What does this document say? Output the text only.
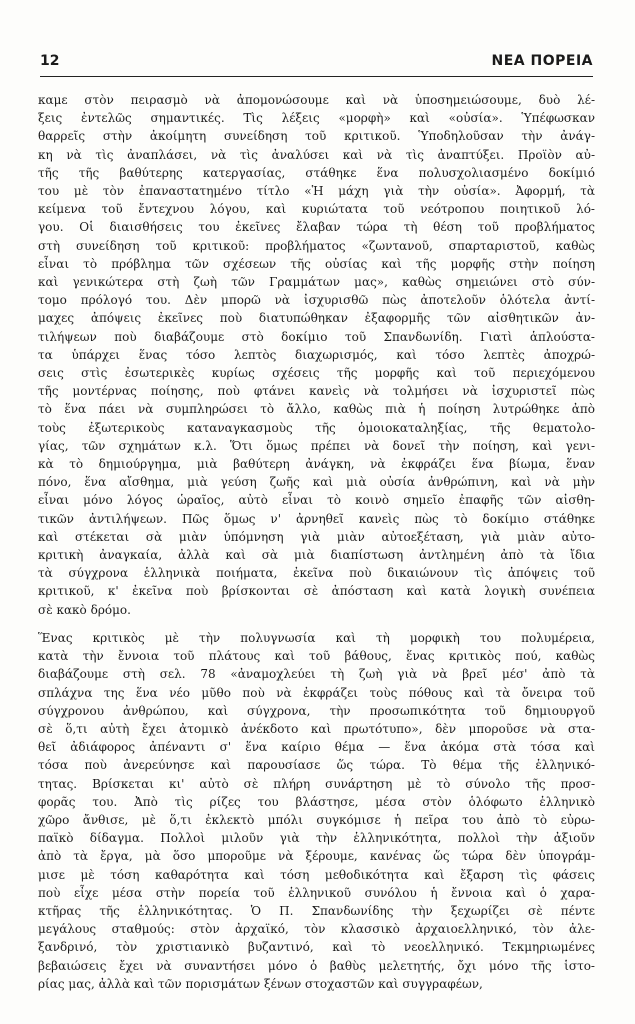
12	ΝΕΑ ΠΟΡΕΙΑ

καμε στὸν πειρασμὸ νὰ ἀπομονώσουμε καὶ νὰ ὑποσημειώσουμε, δυὸ λέ-
ξεις ἐντελῶς σημαντικές. Τὶς λέξεις «μορφὴ» καὶ «οὐσία». Ὑπέφωσκαν
θαρρεῖς στὴν ἀκοίμητη συνείδηση τοῦ κριτικοῦ. Ὑποδηλοῦσαν τὴν ἀνάγ-
κη νὰ τὶς ἀναπλάσει, νὰ τὶς ἀναλύσει καὶ νὰ τὶς ἀναπτύξει. Προϊὸν αὐ-
τῆς τῆς βαθύτερης κατεργασίας, στάθηκε ἕνα πολυσχολιασμένο δοκίμιό
του μὲ τὸν ἐπαναστατημένο τίτλο «Ἡ μάχη γιὰ τὴν οὐσία». Ἀφορμή, τὰ
κείμενα τοῦ ἔντεχνου λόγου, καὶ κυριώτατα τοῦ νεότροπου ποιητικοῦ λό-
γου. Οἱ διαισθήσεις του ἐκεῖνες ἔλαβαν τώρα τὴ θέση τοῦ προβλήματος
στὴ συνείδηση τοῦ κριτικοῦ: προβλήματος «ζωντανοῦ, σπαρταριστοῦ, καθὼς
εἶναι τὸ πρόβλημα τῶν σχέσεων τῆς οὐσίας καὶ τῆς μορφῆς στὴν ποίηση
καὶ γενικώτερα στὴ ζωὴ τῶν Γραμμάτων μας», καθὼς σημειώνει στὸ σύν-
τομο πρόλογό του. Δὲν μπορῶ νὰ ἰσχυρισθῶ πὼς ἀποτελοῦν ὁλότελα ἀντί-
μαχες ἀπόψεις ἐκεῖνες ποὺ διατυπώθηκαν ἐξαφορμῆς τῶν αἰσθητικῶν ἀν-
τιλήψεων ποὺ διαβάζουμε στὸ δοκίμιο τοῦ Σπανδωνίδη. Γιατὶ ἁπλούστα-
τα ὑπάρχει ἕνας τόσο λεπτὸς διαχωρισμός, καὶ τόσο λεπτὲς ἀποχρώ-
σεις στὶς ἐσωτερικὲς κυρίως σχέσεις τῆς μορφῆς καὶ τοῦ περιεχόμενου
τῆς μοντέρνας ποίησης, ποὺ φτάνει κανεὶς νὰ τολμήσει νὰ ἰσχυριστεῖ πὼς
τὸ ἕνα πάει νὰ συμπληρώσει τὸ ἄλλο, καθὼς πιὰ ἡ ποίηση λυτρώθηκε ἀπὸ
τοὺς ἐξωτερικοὺς καταναγκασμοὺς τῆς ὁμοιοκαταληξίας, τῆς θεματολο-
γίας, τῶν σχημάτων κ.λ. Ὅτι ὅμως πρέπει νὰ δονεῖ τὴν ποίηση, καὶ γενι-
κὰ τὸ δημιούργημα, μιὰ βαθύτερη ἀνάγκη, νὰ ἐκφράζει ἕνα βίωμα, ἕναν
πόνο, ἕνα αἴσθημα, μιὰ γεύση ζωῆς καὶ μιὰ οὐσία ἀνθρώπινη, καὶ νὰ μὴν
εἶναι μόνο λόγος ὡραῖος, αὐτὸ εἶναι τὸ κοινὸ σημεῖο ἐπαφῆς τῶν αἰσθη-
τικῶν ἀντιλήψεων. Πῶς ὅμως ν' ἀρνηθεῖ κανεὶς πὼς τὸ δοκίμιο στάθηκε
καὶ στέκεται σὰ μιὰν ὑπόμνηση γιὰ μιὰν αὐτοεξέταση, γιὰ μιὰν αὐτο-
κριτικὴ ἀναγκαία, ἀλλὰ καὶ σὰ μιὰ διαπίστωση ἀντλημένη ἀπὸ τὰ ἴδια
τὰ σύγχρονα ἑλληνικὰ ποιήματα, ἐκεῖνα ποὺ δικαιώνουν τὶς ἀπόψεις τοῦ
κριτικοῦ, κ' ἐκεῖνα ποὺ βρίσκονται σὲ ἀπόσταση καὶ κατὰ λογικὴ συνέπεια
σὲ κακὸ δρόμο.

Ἕνας κριτικὸς μὲ τὴν πολυγνωσία καὶ τὴ μορφικὴ του πολυμέρεια,
κατὰ τὴν ἔννοια τοῦ πλάτους καὶ τοῦ βάθους, ἕνας κριτικὸς πού, καθὼς
διαβάζουμε στὴ σελ. 78 «ἀναμοχλεύει τὴ ζωὴ γιὰ νὰ βρεῖ μέσ' ἀπὸ τὰ
σπλάχνα της ἕνα νέο μῦθο ποὺ νὰ ἐκφράζει τοὺς πόθους καὶ τὰ ὄνειρα τοῦ
σύγχρονου ἀνθρώπου, καὶ σύγχρονα, τὴν προσωπικότητα τοῦ δημιουργοῦ
σὲ ὅ,τι αὐτὴ ἔχει ἀτομικὸ ἀνέκδοτο καὶ πρωτότυπο», δὲν μποροῦσε νὰ στα-
θεῖ ἀδιάφορος ἀπέναντι σ' ἕνα καίριο θέμα — ἕνα ἀκόμα στὰ τόσα καὶ
τόσα ποὺ ἀνερεύνησε καὶ παρουσίασε ὥς τώρα. Τὸ θέμα τῆς ἑλληνικό-
τητας. Βρίσκεται κι' αὐτὸ σὲ πλήρη συνάρτηση μὲ τὸ σύνολο τῆς προσ-
φορᾶς του. Ἀπὸ τὶς ρίζες του βλάστησε, μέσα στὸν ὁλόφωτο ἑλληνικὸ
χῶρο ἄνθισε, μὲ ὅ,τι ἐκλεκτὸ μπόλι συγκόμισε ἡ πεῖρα του ἀπὸ τὸ εὐρω-
παϊκὸ δίδαγμα. Πολλοὶ μιλοῦν γιὰ τὴν ἑλληνικότητα, πολλοὶ τὴν ἀξιοῦν
ἀπὸ τὰ ἔργα, μὰ ὅσο μποροῦμε νὰ ξέρουμε, κανένας ὥς τώρα δὲν ὑπογράμ-
μισε μὲ τόση καθαρότητα καὶ τόση μεθοδικότητα καὶ ἔξαρση τὶς φάσεις
ποὺ εἶχε μέσα στὴν πορεία τοῦ ἑλληνικοῦ συνόλου ἡ ἔννοια καὶ ὁ χαρα-
κτῆρας τῆς ἑλληνικότητας. Ὁ Π. Σπανδωνίδης τὴν ξεχωρίζει σὲ πέντε
μεγάλους σταθμούς: στὸν ἀρχαϊκό, τὸν κλασσικὸ ἀρχαιοελληνικό, τὸν ἀλε-
ξανδρινό, τὸν χριστιανικὸ βυζαντινό, καὶ τὸ νεοελληνικό. Τεκμηριωμένες
βεβαιώσεις ἔχει νὰ συναντήσει μόνο ὁ βαθὺς μελετητής, ὄχι μόνο τῆς ἱστο-
ρίας μας, ἀλλὰ καὶ τῶν πορισμάτων ξένων στοχαστῶν καὶ συγγραφέων,
